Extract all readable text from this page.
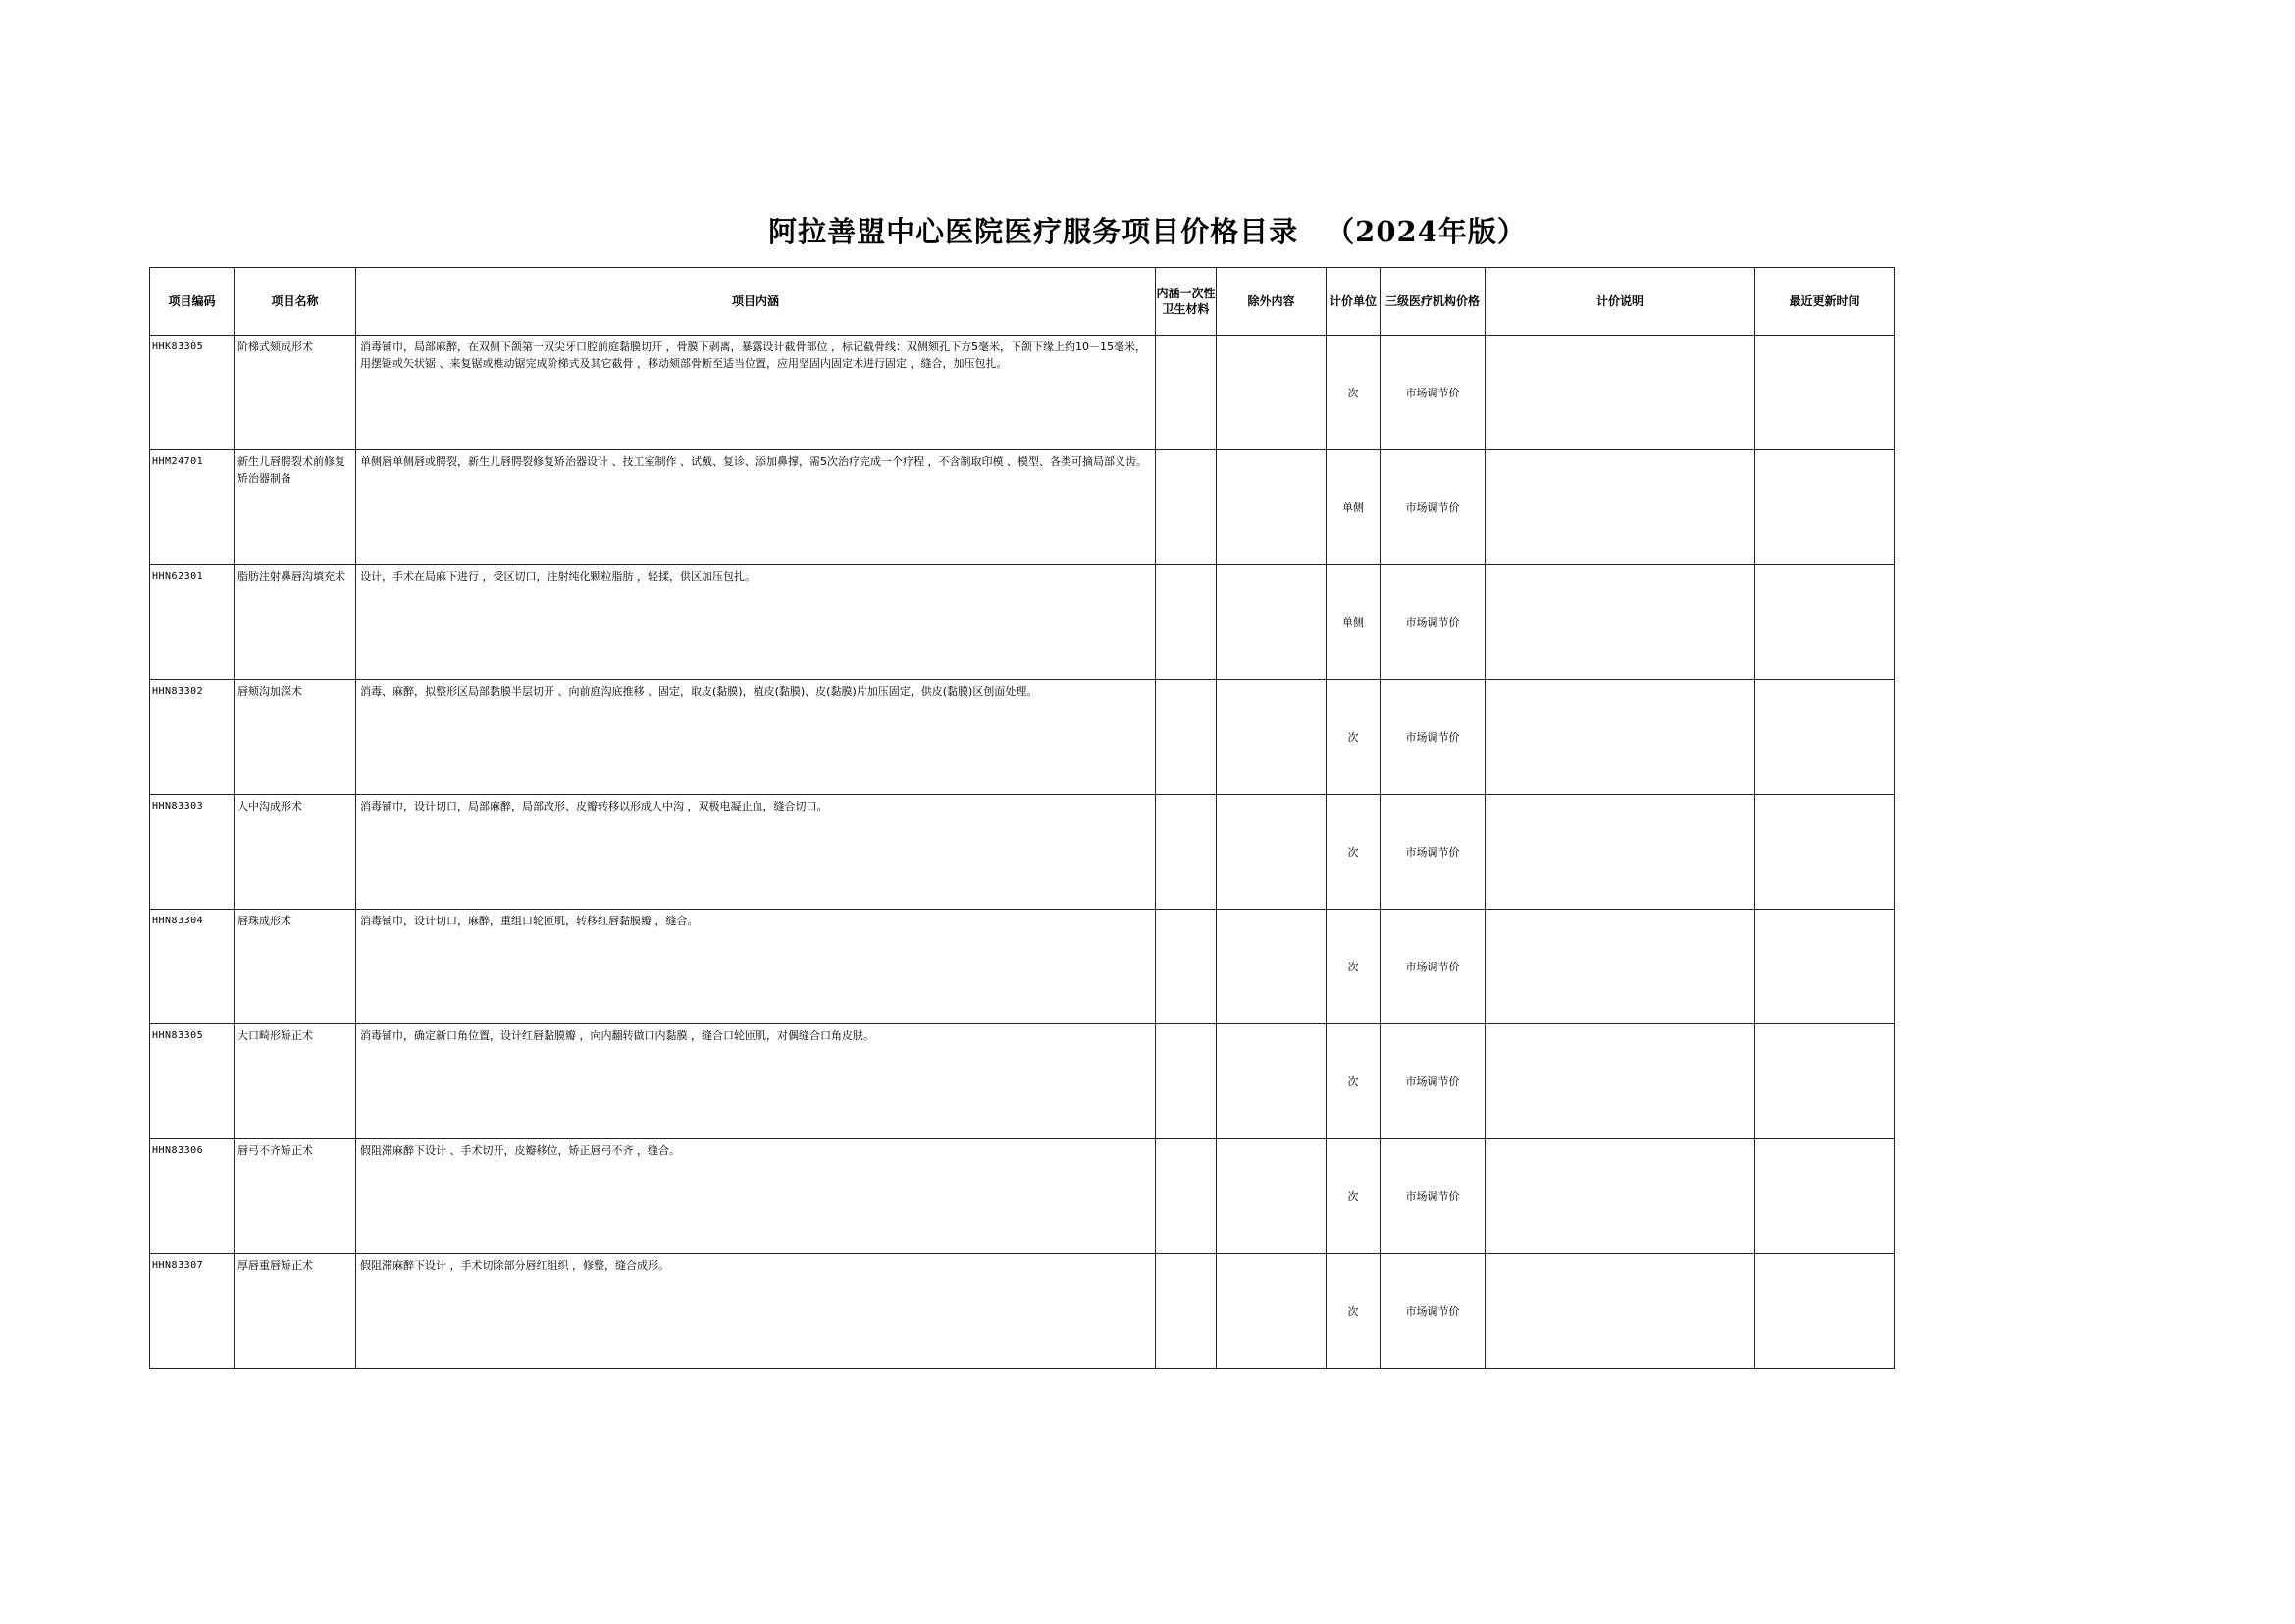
阿拉善盟中心医院医疗服务项目价格目录 （2024年版）
项目编码	项目名称	项目内涵	内涵一次性卫生材料	除外内容	计价单位	三级医疗机构价格	计价说明	最近更新时间
HHK83305	阶梯式颏成形术	消毒铺巾，局部麻醉，在双侧下颌第一双尖牙口腔前庭黏膜切开 ，骨膜下剥离，暴露设计截骨部位 ，标记截骨线：双侧颏孔下方5毫米，下颌下缘上约10－15毫米，用摆锯或矢状锯 、来复锯或椎动锯完成阶梯式及其它截骨 ，移动颏部骨断至适当位置，应用坚固内固定术进行固定 ，缝合，加压包扎。			次	市场调节价		
HHM24701	新生儿唇腭裂术前修复矫治器制备	单侧唇单侧唇或腭裂，新生儿唇腭裂修复矫治器设计 、技工室制作 、试戴、复诊、添加鼻撑，需5次治疗完成一个疗程 ，不含制取印模 、模型、各类可摘局部义齿。			单侧	市场调节价		
HHN62301	脂肪注射鼻唇沟填充术	设计，手术在局麻下进行 ，受区切口，注射纯化颗粒脂肪 ，轻揉，供区加压包扎。			单侧	市场调节价		
HHN83302	唇颊沟加深术	消毒、麻醉，拟整形区局部黏膜半层切开 、向前庭沟底推移 、固定，取皮(黏膜)，植皮(黏膜)、皮(黏膜)片加压固定，供皮(黏膜)区创面处理。			次	市场调节价		
HHN83303	人中沟成形术	消毒铺巾，设计切口，局部麻醉，局部改形、皮瓣转移以形成人中沟 ，双极电凝止血，缝合切口。			次	市场调节价		
HHN83304	唇珠成形术	消毒铺巾，设计切口，麻醉，重组口轮匝肌，转移红唇黏膜瓣 ，缝合。			次	市场调节价		
HHN83305	大口畸形矫正术	消毒铺巾，确定新口角位置，设计红唇黏膜瓣 ，向内翻转做口内黏膜 ，缝合口轮匝肌，对偶缝合口角皮肤。			次	市场调节价		
HHN83306	唇弓不齐矫正术	假阻滞麻醉下设计 、手术切开，皮瓣移位，矫正唇弓不齐 ，缝合。			次	市场调节价		
HHN83307	厚唇重唇矫正术	假阻滞麻醉下设计 ，手术切除部分唇红组织 ，修整，缝合成形。			次	市场调节价		
